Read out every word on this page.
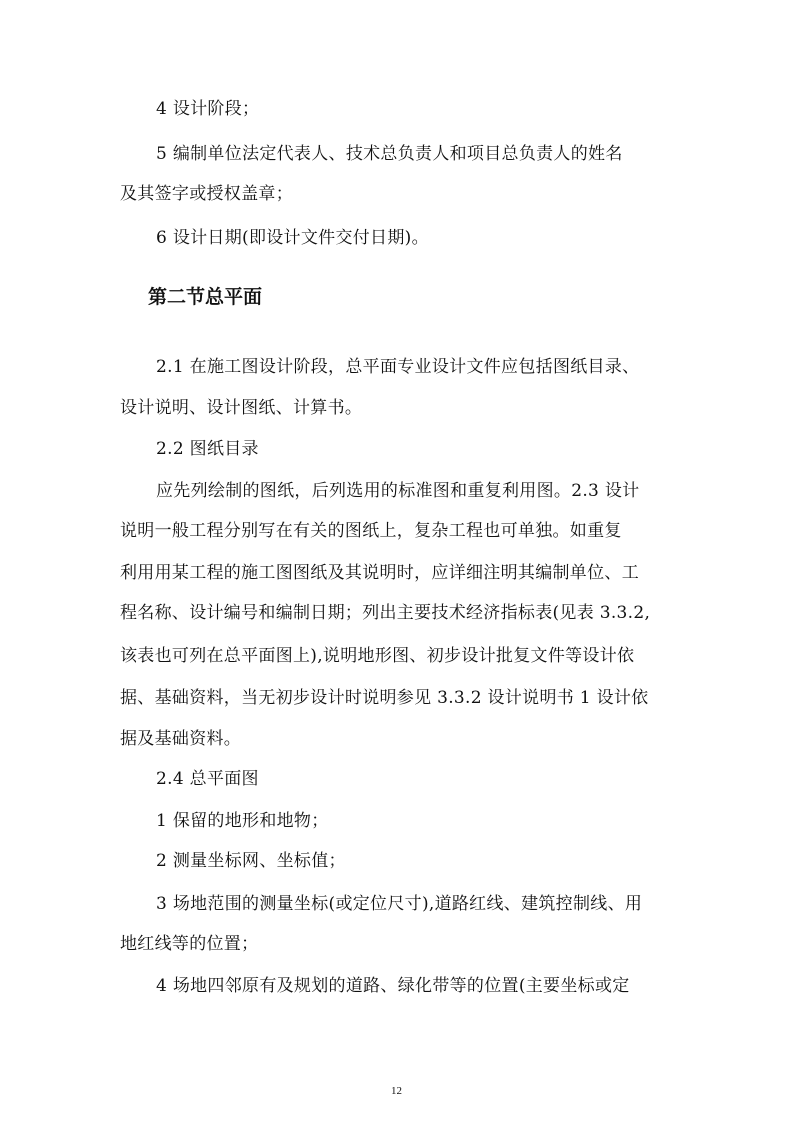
4 设计阶段；
5 编制单位法定代表人、技术总负责人和项目总负责人的姓名
及其签字或授权盖章；
6 设计日期(即设计文件交付日期)。
第二节总平面
2.1 在施工图设计阶段，总平面专业设计文件应包括图纸目录、
设计说明、设计图纸、计算书。
2.2 图纸目录
应先列绘制的图纸，后列选用的标准图和重复利用图。2.3 设计
说明一般工程分别写在有关的图纸上，复杂工程也可单独。如重复
利用用某工程的施工图图纸及其说明时，应详细注明其编制单位、工
程名称、设计编号和编制日期；列出主要技术经济指标表(见表 3.3.2,
该表也可列在总平面图上),说明地形图、初步设计批复文件等设计依
据、基础资料，当无初步设计时说明参见 3.3.2 设计说明书 1 设计依
据及基础资料。
2.4 总平面图
1 保留的地形和地物；
2 测量坐标网、坐标值；
3 场地范围的测量坐标(或定位尺寸),道路红线、建筑控制线、用
地红线等的位置；
4 场地四邻原有及规划的道路、绿化带等的位置(主要坐标或定
12
